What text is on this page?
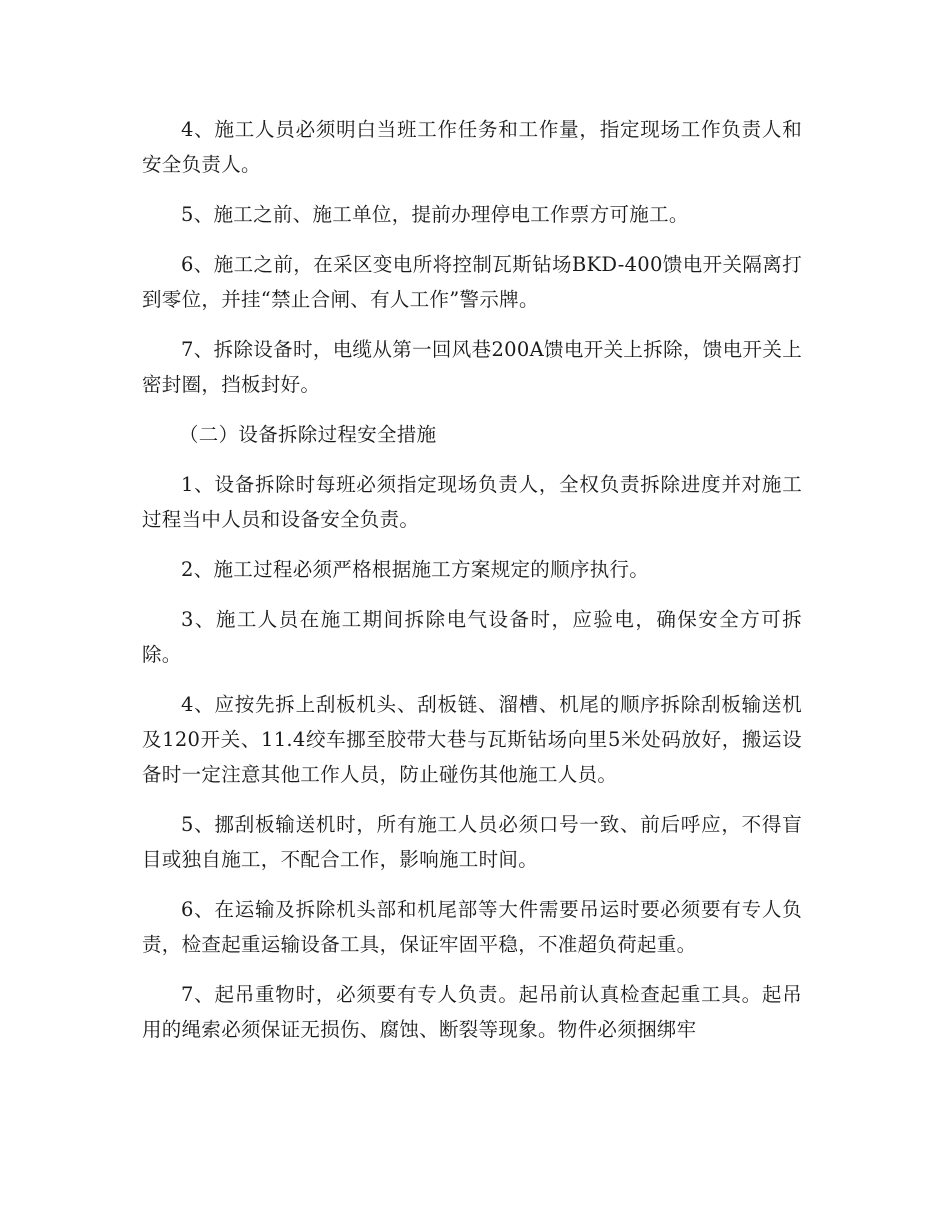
4、施工人员必须明白当班工作任务和工作量，指定现场工作负责人和安全负责人。

5、施工之前、施工单位，提前办理停电工作票方可施工。

6、施工之前，在采区变电所将控制瓦斯钻场BKD-400馈电开关隔离打到零位，并挂“禁止合闸、有人工作”警示牌。

7、拆除设备时，电缆从第一回风巷200A馈电开关上拆除，馈电开关上密封圈，挡板封好。

（二）设备拆除过程安全措施

1、设备拆除时每班必须指定现场负责人，全权负责拆除进度并对施工过程当中人员和设备安全负责。

2、施工过程必须严格根据施工方案规定的顺序执行。

3、施工人员在施工期间拆除电气设备时，应验电，确保安全方可拆除。

4、应按先拆上刮板机头、刮板链、溜槽、机尾的顺序拆除刮板输送机及120开关、11.4绞车挪至胶带大巷与瓦斯钻场向里5米处码放好，搬运设备时一定注意其他工作人员，防止碰伤其他施工人员。

5、挪刮板输送机时，所有施工人员必须口号一致、前后呼应，不得盲目或独自施工，不配合工作，影响施工时间。

6、在运输及拆除机头部和机尾部等大件需要吊运时要必须要有专人负责，检查起重运输设备工具，保证牢固平稳，不准超负荷起重。

7、起吊重物时，必须要有专人负责。起吊前认真检查起重工具。起吊用的绳索必须保证无损伤、腐蚀、断裂等现象。物件必须捆绑牢
